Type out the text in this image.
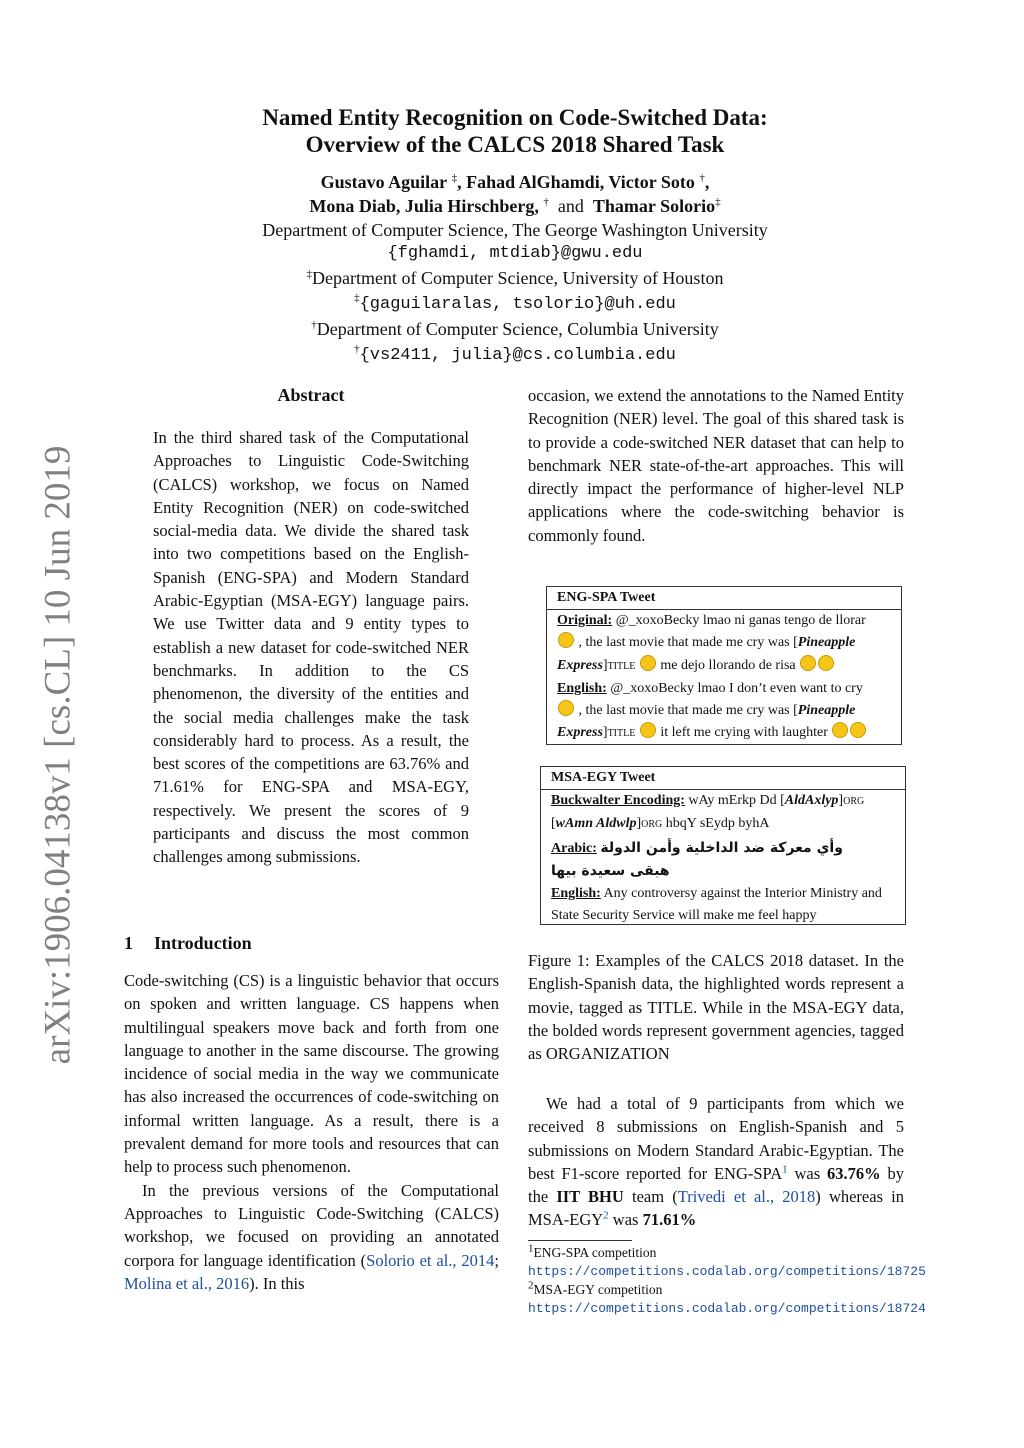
arXiv:1906.04138v1 [cs.CL] 10 Jun 2019
Named Entity Recognition on Code-Switched Data:
Overview of the CALCS 2018 Shared Task
Gustavo Aguilar ‡, Fahad AlGhamdi, Victor Soto †,
Mona Diab, Julia Hirschberg, † and Thamar Solorio‡
Department of Computer Science, The George Washington University
{fghamdi, mtdiab}@gwu.edu
‡Department of Computer Science, University of Houston
‡{gaguilaralas, tsolorio}@uh.edu
†Department of Computer Science, Columbia University
†{vs2411, julia}@cs.columbia.edu
Abstract
In the third shared task of the Computational Approaches to Linguistic Code-Switching (CALCS) workshop, we focus on Named Entity Recognition (NER) on code-switched social-media data. We divide the shared task into two competitions based on the English-Spanish (ENG-SPA) and Modern Standard Arabic-Egyptian (MSA-EGY) language pairs. We use Twitter data and 9 entity types to establish a new dataset for code-switched NER benchmarks. In addition to the CS phenomenon, the diversity of the entities and the social media challenges make the task considerably hard to process. As a result, the best scores of the competitions are 63.76% and 71.61% for ENG-SPA and MSA-EGY, respectively. We present the scores of 9 participants and discuss the most common challenges among submissions.
1 Introduction

Code-switching (CS) is a linguistic behavior that occurs on spoken and written language. CS happens when multilingual speakers move back and forth from one language to another in the same discourse. The growing incidence of social media in the way we communicate has also increased the occurrences of code-switching on informal written language. As a result, there is a prevalent demand for more tools and resources that can help to process such phenomenon.

In the previous versions of the Computational Approaches to Linguistic Code-Switching (CALCS) workshop, we focused on providing an annotated corpora for language identification (Solorio et al., 2014; Molina et al., 2016). In this

occasion, we extend the annotations to the Named Entity Recognition (NER) level. The goal of this shared task is to provide a code-switched NER dataset that can help to benchmark NER state-of-the-art approaches. This will directly impact the performance of higher-level NLP applications where the code-switching behavior is commonly found.
ENG-SPA Tweet
Original: @_xoxoBecky lmao ni ganas tengo de llorar
, the last movie that made me cry was [Pineapple Express]TITLE me dejo llorando de risa
English: @_xoxoBecky lmao I don’t even want to cry
, the last movie that made me cry was [Pineapple Express]TITLE it left me crying with laughter
MSA-EGY Tweet
Buckwalter Encoding: wAy mErkp Dd [AldAxlyp]ORG
[wAmn Aldwlp]ORG hbqY sEydp byhA
Arabic: وأي معركة ضد الداخلية وأمن الدولة
هبقى سعيدة بيها
English: Any controversy against the Interior Ministry and State Security Service will make me feel happy
Figure 1: Examples of the CALCS 2018 dataset. In the English-Spanish data, the highlighted words represent a movie, tagged as TITLE. While in the MSA-EGY data, the bolded words represent government agencies, tagged as ORGANIZATION
We had a total of 9 participants from which we received 8 submissions on English-Spanish and 5 submissions on Modern Standard Arabic-Egyptian. The best F1-score reported for ENG-SPA$^1$ was 63.76% by the IIT BHU team (Trivedi et al., 2018) whereas in MSA-EGY$^2$ was 71.61%
$^1$ENG-SPA competition https://competitions.codalab.org/competitions/18725
$^2$MSA-EGY competition https://competitions.codalab.org/competitions/18724
